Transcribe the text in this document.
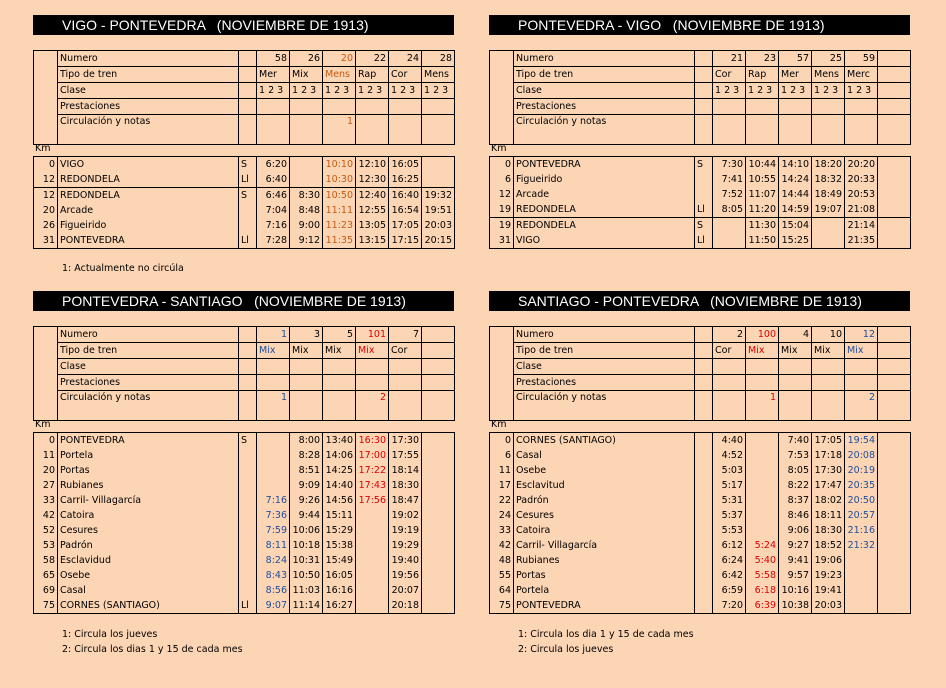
VIGO - PONTEVEDRA   (NOVIEMBRE DE 1913)
	Numero		58	26	20	22	24	28
	Tipo de tren		Mer	Mix	Mens	Rap	Cor	Mens
	Clase		1 2 3	1 2 3	1 2 3	1 2 3	1 2 3	1 2 3
	Prestaciones							
	Circulación y notas				1			
Km
0	VIGO	S	6:20		10:10	12:10	16:05	
12	REDONDELA	Ll	6:40		10:30	12:30	16:25	
12	REDONDELA	S	6:46	8:30	10:50	12:40	16:40	19:32
20	Arcade		7:04	8:48	11:11	12:55	16:54	19:51
26	Figueirido		7:16	9:00	11:23	13:05	17:05	20:03
31	PONTEVEDRA	Ll	7:28	9:12	11:35	13:15	17:15	20:15
1: Actualmente no circúla
PONTEVEDRA - VIGO   (NOVIEMBRE DE 1913)
	Numero		21	23	57	25	59	
	Tipo de tren		Cor	Rap	Mer	Mens	Merc	
	Clase		1 2 3	1 2 3	1 2 3	1 2 3	1 2 3	
	Prestaciones							
	Circulación y notas							
Km
0	PONTEVEDRA	S	7:30	10:44	14:10	18:20	20:20	
6	Figueirido		7:41	10:55	14:24	18:32	20:33	
12	Arcade		7:52	11:07	14:44	18:49	20:53	
19	REDONDELA	Ll	8:05	11:20	14:59	19:07	21:08	
19	REDONDELA	S		11:30	15:04		21:14	
31	VIGO	Ll		11:50	15:25		21:35	
PONTEVEDRA - SANTIAGO   (NOVIEMBRE DE 1913)
	Numero		1	3	5	101	7	
	Tipo de tren		Mix	Mix	Mix	Mix	Cor	
	Clase							
	Prestaciones							
	Circulación y notas		1			2		
Km
0	PONTEVEDRA	S		8:00	13:40	16:30	17:30	
11	Portela			8:28	14:06	17:00	17:55	
20	Portas			8:51	14:25	17:22	18:14	
27	Rubianes			9:09	14:40	17:43	18:30	
33	Carril- Villagarcía		7:16	9:26	14:56	17:56	18:47	
42	Catoira		7:36	9:44	15:11		19:02	
52	Cesures		7:59	10:06	15:29		19:19	
53	Padrón		8:11	10:18	15:38		19:29	
58	Esclavidud		8:24	10:31	15:49		19:40	
65	Osebe		8:43	10:50	16:05		19:56	
69	Casal		8:56	11:03	16:16		20:07	
75	CORNES (SANTIAGO)	Ll	9:07	11:14	16:27		20:18	
1: Circula los jueves
2: Circula los dias 1 y 15 de cada mes
SANTIAGO - PONTEVEDRA   (NOVIEMBRE DE 1913)
	Numero		2	100	4	10	12	
	Tipo de tren		Cor	Mix	Mix	Mix	Mix	
	Clase							
	Prestaciones							
	Circulación y notas			1			2	
Km
0	CORNES (SANTIAGO)		4:40		7:40	17:05	19:54	
6	Casal		4:52		7:53	17:18	20:08	
11	Osebe		5:03		8:05	17:30	20:19	
17	Esclavitud		5:17		8:22	17:47	20:35	
22	Padrón		5:31		8:37	18:02	20:50	
24	Cesures		5:37		8:46	18:11	20:57	
33	Catoira		5:53		9:06	18:30	21:16	
42	Carril- Villagarcía		6:12	5:24	9:27	18:52	21:32	
48	Rubianes		6:24	5:40	9:41	19:06		
55	Portas		6:42	5:58	9:57	19:23		
64	Portela		6:59	6:18	10:16	19:41		
75	PONTEVEDRA		7:20	6:39	10:38	20:03		
1: Circula los dia 1 y 15 de cada mes
2: Circula los jueves
